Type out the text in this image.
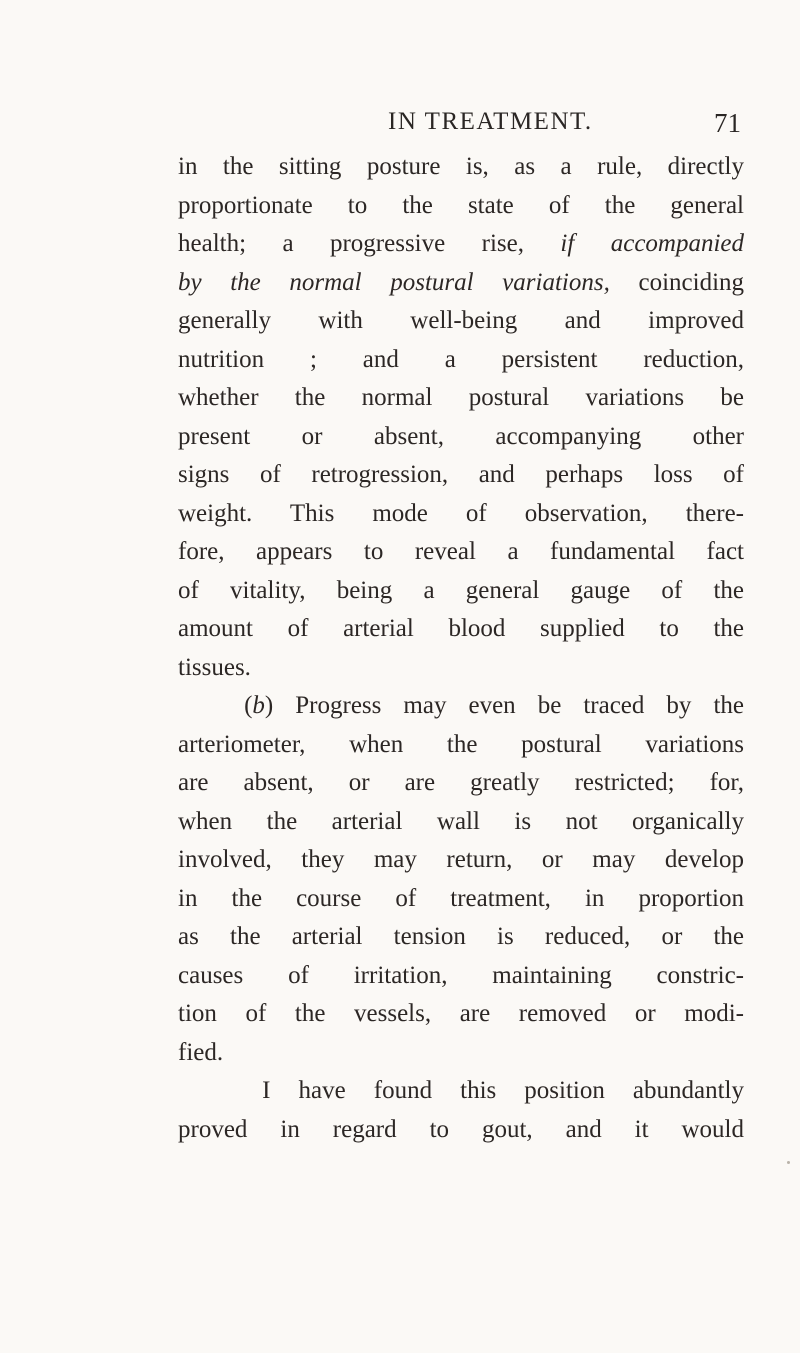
IN TREATMENT.	71
in the sitting posture is, as a rule, directly
proportionate to the state of the general
health; a progressive rise, if accompanied
by the normal postural variations, coinciding
generally with well-being and improved
nutrition ; and a persistent reduction,
whether the normal postural variations be
present or absent, accompanying other
signs of retrogression, and perhaps loss of
weight. This mode of observation, there-
fore, appears to reveal a fundamental fact
of vitality, being a general gauge of the
amount of arterial blood supplied to the
tissues.
(b) Progress may even be traced by the
arteriometer, when the postural variations
are absent, or are greatly restricted; for,
when the arterial wall is not organically
involved, they may return, or may develop
in the course of treatment, in proportion
as the arterial tension is reduced, or the
causes of irritation, maintaining constric-
tion of the vessels, are removed or modi-
fied.
I have found this position abundantly
proved in regard to gout, and it would
